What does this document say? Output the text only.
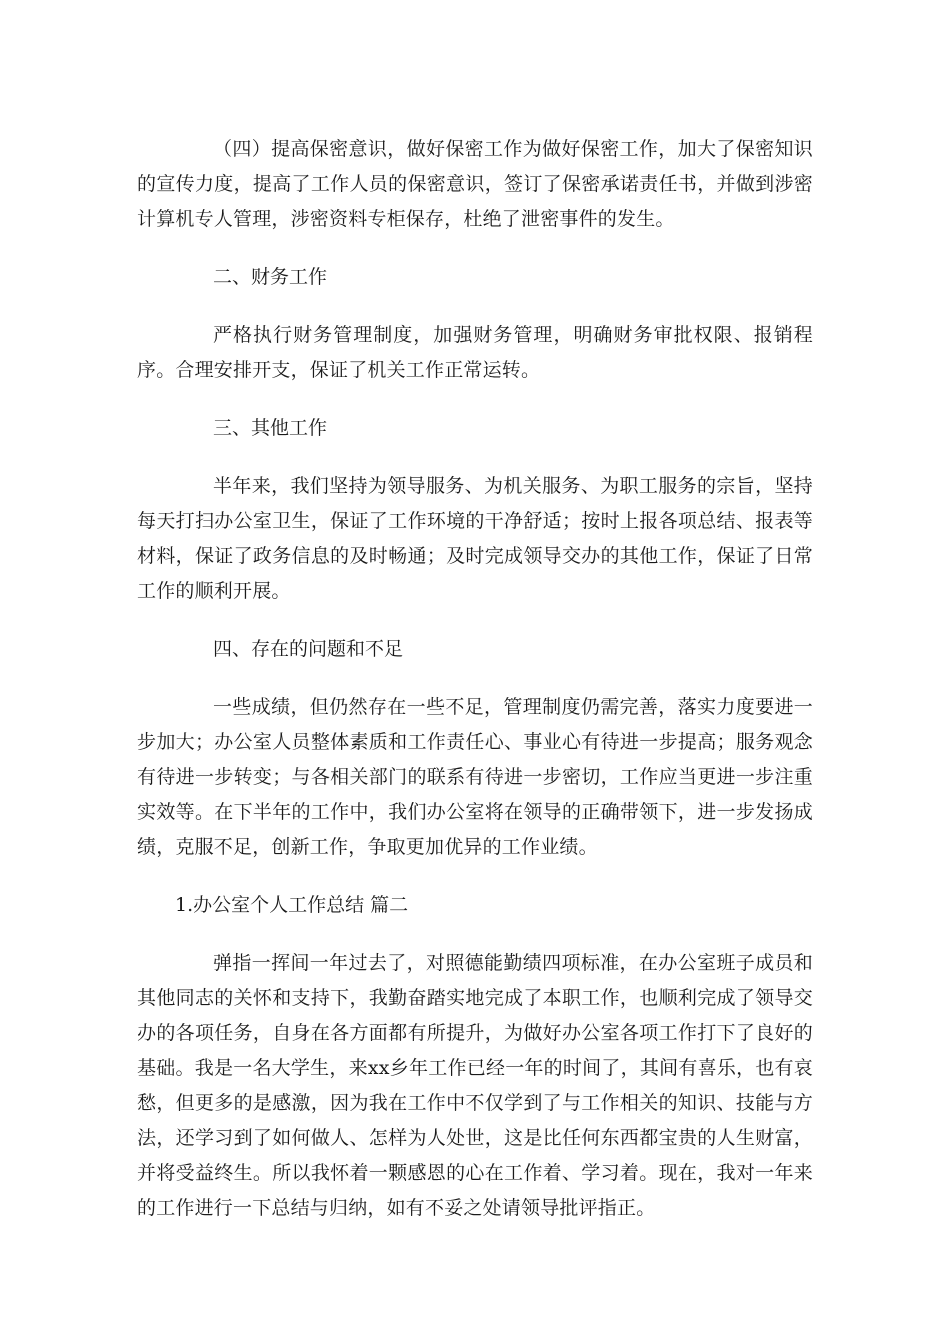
（四）提高保密意识，做好保密工作为做好保密工作，加大了保密知识的宣传力度，提高了工作人员的保密意识，签订了保密承诺责任书，并做到涉密计算机专人管理，涉密资料专柜保存，杜绝了泄密事件的发生。

二、财务工作

严格执行财务管理制度，加强财务管理，明确财务审批权限、报销程序。合理安排开支，保证了机关工作正常运转。

三、其他工作

半年来，我们坚持为领导服务、为机关服务、为职工服务的宗旨，坚持每天打扫办公室卫生，保证了工作环境的干净舒适；按时上报各项总结、报表等材料，保证了政务信息的及时畅通；及时完成领导交办的其他工作，保证了日常工作的顺利开展。

四、存在的问题和不足

一些成绩，但仍然存在一些不足，管理制度仍需完善，落实力度要进一步加大；办公室人员整体素质和工作责任心、事业心有待进一步提高；服务观念有待进一步转变；与各相关部门的联系有待进一步密切，工作应当更进一步注重实效等。在下半年的工作中，我们办公室将在领导的正确带领下，进一步发扬成绩，克服不足，创新工作，争取更加优异的工作业绩。

1.办公室个人工作总结 篇二

弹指一挥间一年过去了，对照德能勤绩四项标准，在办公室班子成员和其他同志的关怀和支持下，我勤奋踏实地完成了本职工作，也顺利完成了领导交办的各项任务，自身在各方面都有所提升，为做好办公室各项工作打下了良好的基础。我是一名大学生，来xx乡年工作已经一年的时间了，其间有喜乐，也有哀愁，但更多的是感激，因为我在工作中不仅学到了与工作相关的知识、技能与方法，还学习到了如何做人、怎样为人处世，这是比任何东西都宝贵的人生财富，并将受益终生。所以我怀着一颗感恩的心在工作着、学习着。现在，我对一年来的工作进行一下总结与归纳，如有不妥之处请领导批评指正。
